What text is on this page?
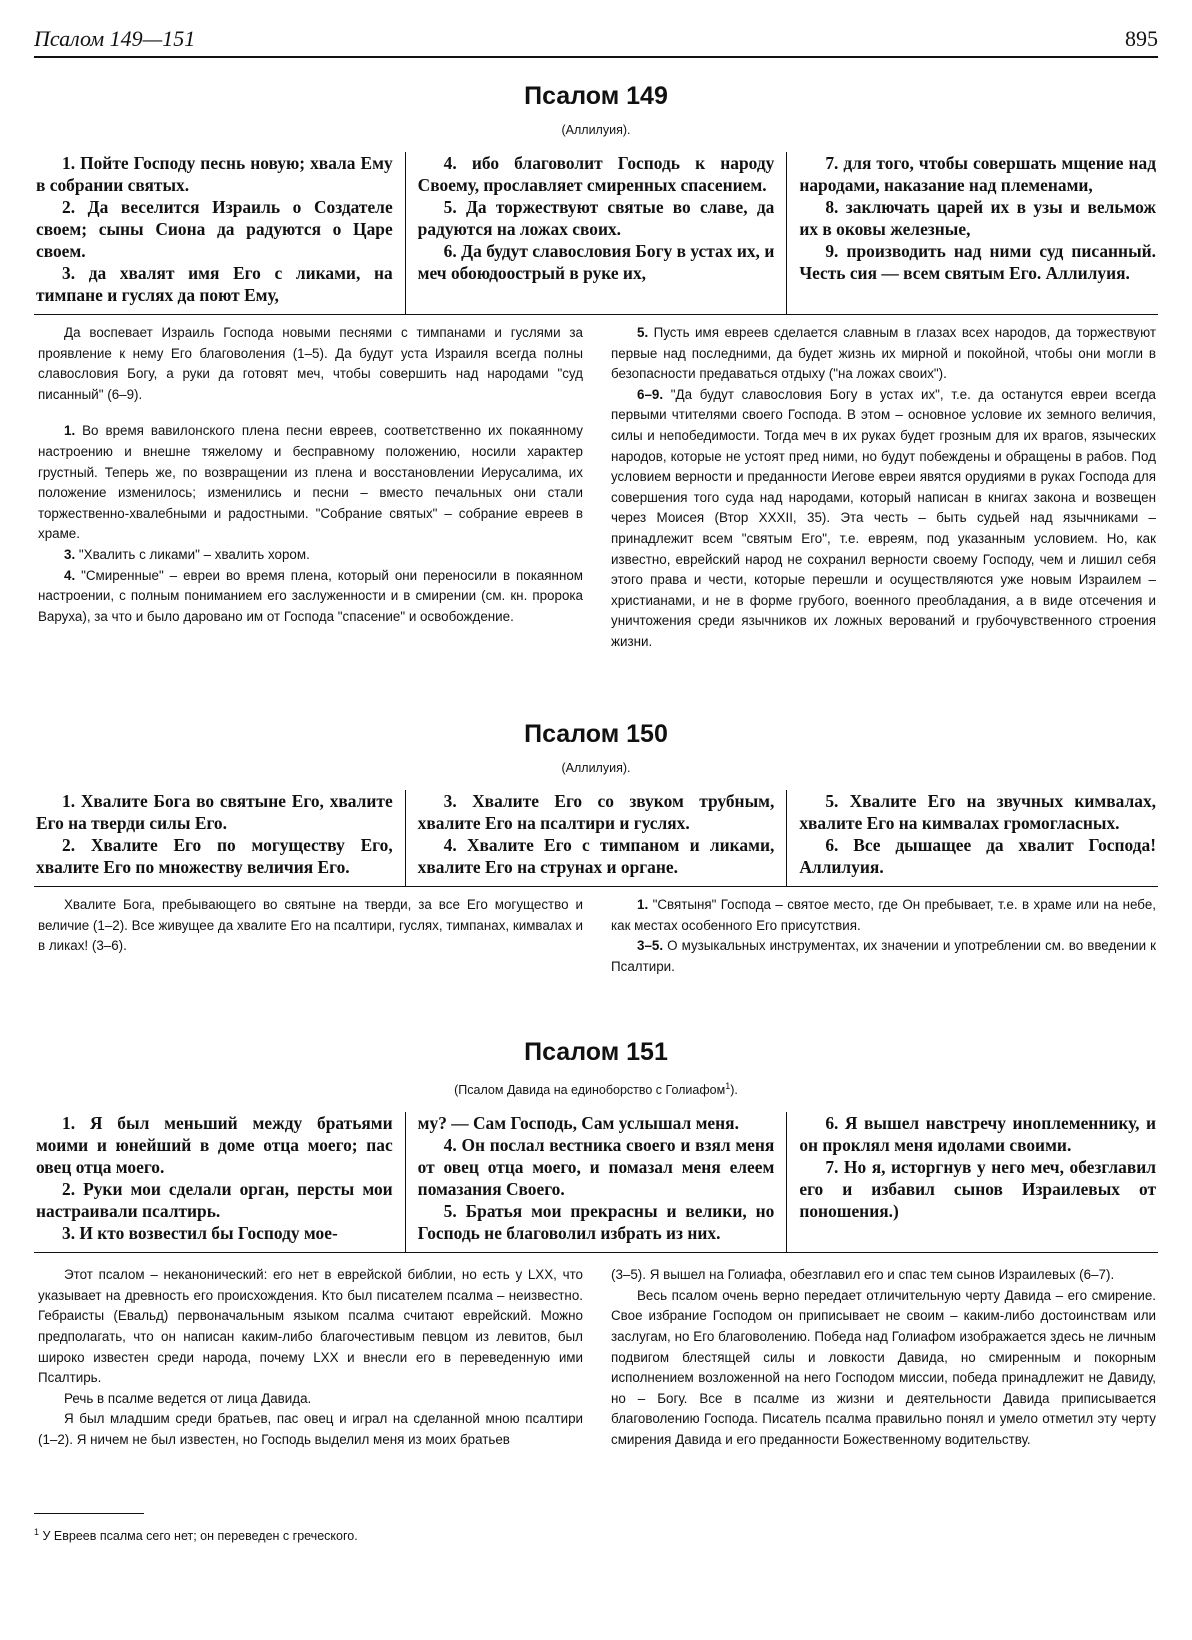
Псалом 149—151	895
Псалом 149
(Аллилуия).

1. Пойте Господу песнь новую; хвала Ему в собрании святых.

2. Да веселится Израиль о Создателе своем; сыны Сиона да радуются о Царе своем.

3. да хвалят имя Его с ликами, на тимпане и гуслях да поют Ему,

4. ибо благоволит Господь к народу Своему, прославляет смиренных спасением.

5. Да торжествуют святые во славе, да радуются на ложах своих.

6. Да будут славословия Богу в устах их, и меч обоюдоострый в руке их,

7. для того, чтобы совершать мщение над народами, наказание над племенами,

8. заключать царей их в узы и вельмож их в оковы железные,

9. производить над ними суд писанный. Честь сия — всем святым Его. Аллилуия.

Да воспевает Израиль Господа новыми песнями с тимпанами и гуслями за проявление к нему Его благоволения (1–5). Да будут уста Израиля всегда полны славословия Богу, а руки да готовят меч, чтобы совершить над народами "суд писанный" (6–9).

1. Во время вавилонского плена песни евреев, соответственно их покаянному настроению и внешне тяжелому и бесправному положению, носили характер грустный. Теперь же, по возвращении из плена и восстановлении Иерусалима, их положение изменилось; изменились и песни – вместо печальных они стали торжественно-хвалебными и радостными. "Собрание святых" – собрание евреев в храме.

3. "Хвалить с ликами" – хвалить хором.

4. "Смиренные" – евреи во время плена, который они переносили в покаянном настроении, с полным пониманием его заслуженности и в смирении (см. кн. пророка Варуха), за что и было даровано им от Господа "спасение" и освобождение.

5. Пусть имя евреев сделается славным в глазах всех народов, да торжествуют первые над последними, да будет жизнь их мирной и покойной, чтобы они могли в безопасности предаваться отдыху ("на ложах своих").

6–9. "Да будут славословия Богу в устах их", т.е. да останутся евреи всегда первыми чтителями своего Господа. В этом – основное условие их земного величия, силы и непобедимости. Тогда меч в их руках будет грозным для их врагов, языческих народов, которые не устоят пред ними, но будут побеждены и обращены в рабов. Под условием верности и преданности Иегове евреи явятся орудиями в руках Господа для совершения того суда над народами, который написан в книгах закона и возвещен через Моисея (Втор XXXII, 35). Эта честь – быть судьей над язычниками – принадлежит всем "святым Его", т.е. евреям, под указанным условием. Но, как известно, еврейский народ не сохранил верности своему Господу, чем и лишил себя этого права и чести, которые перешли и осуществляются уже новым Израилем – христианами, и не в форме грубого, военного преобладания, а в виде отсечения и уничтожения среди язычников их ложных верований и грубочувственного строения жизни.

Псалом 150
(Аллилуия).

1. Хвалите Бога во святыне Его, хвалите Его на тверди силы Его.

2. Хвалите Его по могуществу Его, хвалите Его по множеству величия Его.

3. Хвалите Его со звуком трубным, хвалите Его на псалтири и гуслях.

4. Хвалите Его с тимпаном и ликами, хвалите Его на струнах и органе.

5. Хвалите Его на звучных кимвалах, хвалите Его на кимвалах громогласных.

6. Все дышащее да хвалит Господа! Аллилуия.

Хвалите Бога, пребывающего во святыне на тверди, за все Его могущество и величие (1–2). Все живущее да хвалите Его на псалтири, гуслях, тимпанах, кимвалах и в ликах! (3–6).

1. "Святыня" Господа – святое место, где Он пребывает, т.е. в храме или на небе, как местах особенного Его присутствия.

3–5. О музыкальных инструментах, их значении и употреблении см. во введении к Псалтири.

Псалом 151
(Псалом Давида на единоборство с Голиафом$^1$).

1. Я был меньший между братьями моими и юнейший в доме отца моего; пас овец отца моего.

2. Руки мои сделали орган, персты мои настраивали псалтирь.

3. И кто возвестил бы Господу мое-

му? — Сам Господь, Сам услышал меня.

4. Он послал вестника своего и взял меня от овец отца моего, и помазал меня елеем помазания Своего.

5. Братья мои прекрасны и велики, но Господь не благоволил избрать из них.

6. Я вышел навстречу иноплеменнику, и он проклял меня идолами своими.

7. Но я, исторгнув у него меч, обезглавил его и избавил сынов Израилевых от поношения.)

Этот псалом – неканонический: его нет в еврейской библии, но есть у LXX, что указывает на древность его происхождения. Кто был писателем псалма – неизвестно. Гебраисты (Евальд) первоначальным языком псалма считают еврейский. Можно предполагать, что он написан каким-либо благочестивым певцом из левитов, был широко известен среди народа, почему LXX и внесли его в переведенную ими Псалтирь.

Речь в псалме ведется от лица Давида.

Я был младшим среди братьев, пас овец и играл на сделанной мною псалтири (1–2). Я ничем не был известен, но Господь выделил меня из моих братьев

(3–5). Я вышел на Голиафа, обезглавил его и спас тем сынов Израилевых (6–7).

Весь псалом очень верно передает отличительную черту Давида – его смирение. Свое избрание Господом он приписывает не своим – каким-либо достоинствам или заслугам, но Его благоволению. Победа над Голиафом изображается здесь не личным подвигом блестящей силы и ловкости Давида, но смиренным и покорным исполнением возложенной на него Господом миссии, победа принадлежит не Давиду, но – Богу. Все в псалме из жизни и деятельности Давида приписывается благоволению Господа. Писатель псалма правильно понял и умело отметил эту черту смирения Давида и его преданности Божественному водительству.

$^1$ У Евреев псалма сего нет; он переведен с греческого.
